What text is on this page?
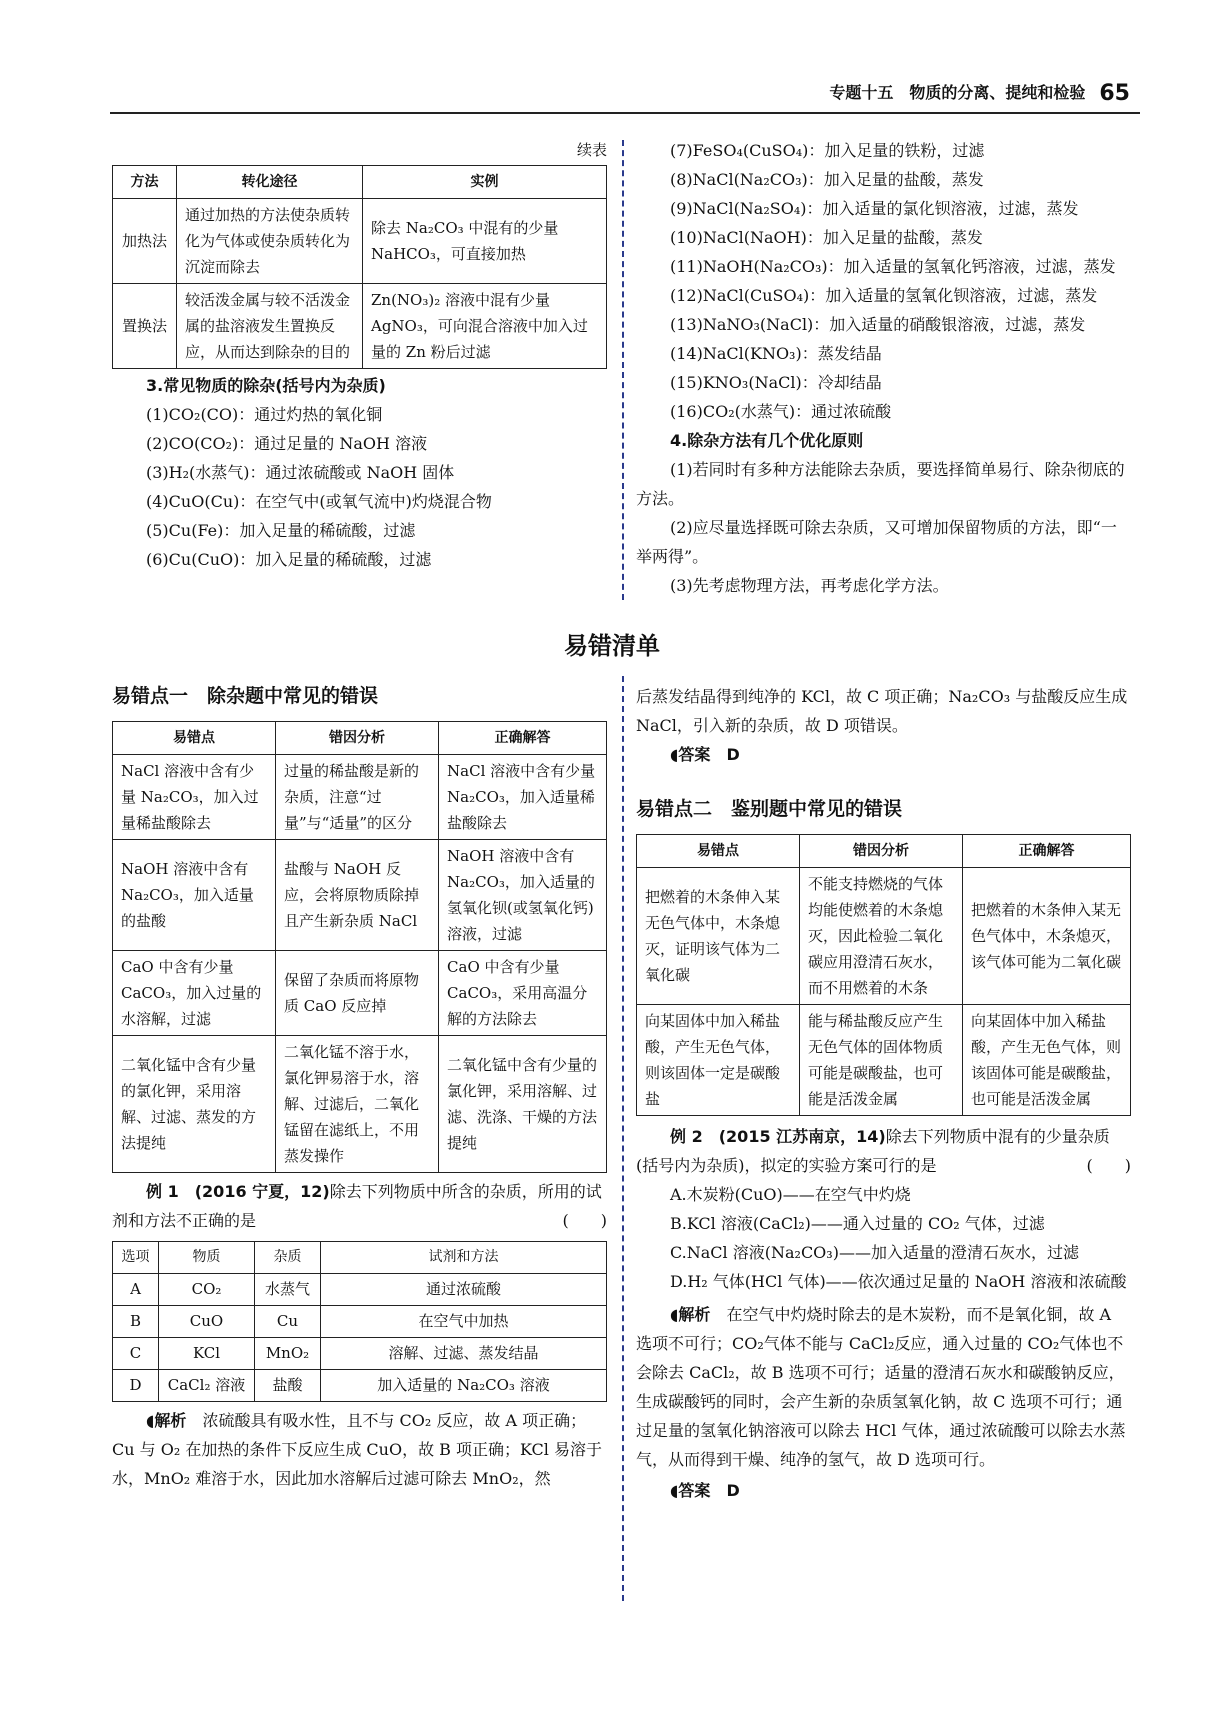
专题十五　物质的分离、提纯和检验 65
续表
方法	转化途径	实例
加热法	通过加热的方法使杂质转化为气体或使杂质转化为沉淀而除去	除去 Na₂CO₃ 中混有的少量 NaHCO₃，可直接加热
置换法	较活泼金属与较不活泼金属的盐溶液发生置换反应，从而达到除杂的目的	Zn(NO₃)₂ 溶液中混有少量 AgNO₃，可向混合溶液中加入过量的 Zn 粉后过滤
3.常见物质的除杂(括号内为杂质)
(1)CO₂(CO)：通过灼热的氧化铜
(2)CO(CO₂)：通过足量的 NaOH 溶液
(3)H₂(水蒸气)：通过浓硫酸或 NaOH 固体
(4)CuO(Cu)：在空气中(或氧气流中)灼烧混合物
(5)Cu(Fe)：加入足量的稀硫酸，过滤
(6)Cu(CuO)：加入足量的稀硫酸，过滤
(7)FeSO₄(CuSO₄)：加入足量的铁粉，过滤
(8)NaCl(Na₂CO₃)：加入足量的盐酸，蒸发
(9)NaCl(Na₂SO₄)：加入适量的氯化钡溶液，过滤，蒸发
(10)NaCl(NaOH)：加入足量的盐酸，蒸发
(11)NaOH(Na₂CO₃)：加入适量的氢氧化钙溶液，过滤，蒸发
(12)NaCl(CuSO₄)：加入适量的氢氧化钡溶液，过滤，蒸发
(13)NaNO₃(NaCl)：加入适量的硝酸银溶液，过滤，蒸发
(14)NaCl(KNO₃)：蒸发结晶
(15)KNO₃(NaCl)：冷却结晶
(16)CO₂(水蒸气)：通过浓硫酸
4.除杂方法有几个优化原则
(1)若同时有多种方法能除去杂质，要选择简单易行、除杂彻底的方法。
(2)应尽量选择既可除去杂质，又可增加保留物质的方法，即“一举两得”。
(3)先考虑物理方法，再考虑化学方法。
易错清单
易错点一　除杂题中常见的错误
易错点	错因分析	正确解答
NaCl 溶液中含有少量 Na₂CO₃，加入过量稀盐酸除去	过量的稀盐酸是新的杂质，注意“过量”与“适量”的区分	NaCl 溶液中含有少量 Na₂CO₃，加入适量稀盐酸除去
NaOH 溶液中含有 Na₂CO₃，加入适量的盐酸	盐酸与 NaOH 反应，会将原物质除掉且产生新杂质 NaCl	NaOH 溶液中含有 Na₂CO₃，加入适量的氢氧化钡(或氢氧化钙)溶液，过滤
CaO 中含有少量 CaCO₃，加入过量的水溶解，过滤	保留了杂质而将原物质 CaO 反应掉	CaO 中含有少量 CaCO₃，采用高温分解的方法除去
二氧化锰中含有少量的氯化钾，采用溶解、过滤、蒸发的方法提纯	二氧化锰不溶于水，氯化钾易溶于水，溶解、过滤后，二氧化锰留在滤纸上，不用蒸发操作	二氧化锰中含有少量的氯化钾，采用溶解、过滤、洗涤、干燥的方法提纯
例 1　 (2016 宁夏，12)除去下列物质中所含的杂质，所用的试剂和方法不正确的是	(　　)
选项	物质	杂质	试剂和方法
A	CO₂	水蒸气	通过浓硫酸
B	CuO	Cu	在空气中加热
C	KCl	MnO₂	溶解、过滤、蒸发结晶
D	CaCl₂ 溶液	盐酸	加入适量的 Na₂CO₃ 溶液
◖解析　 浓硫酸具有吸水性，且不与 CO₂ 反应，故 A 项正确；Cu 与 O₂ 在加热的条件下反应生成 CuO，故 B 项正确；KCl 易溶于水，MnO₂ 难溶于水，因此加水溶解后过滤可除去 MnO₂，然
后蒸发结晶得到纯净的 KCl，故 C 项正确；Na₂CO₃ 与盐酸反应生成 NaCl，引入新的杂质，故 D 项错误。
◖答案　 D
易错点二　鉴别题中常见的错误
易错点	错因分析	正确解答
把燃着的木条伸入某无色气体中，木条熄灭，证明该气体为二氧化碳	不能支持燃烧的气体均能使燃着的木条熄灭，因此检验二氧化碳应用澄清石灰水，而不用燃着的木条	把燃着的木条伸入某无色气体中，木条熄灭，该气体可能为二氧化碳
向某固体中加入稀盐酸，产生无色气体，则该固体一定是碳酸盐	能与稀盐酸反应产生无色气体的固体物质可能是碳酸盐，也可能是活泼金属	向某固体中加入稀盐酸，产生无色气体，则该固体可能是碳酸盐，也可能是活泼金属
例 2　 (2015 江苏南京，14)除去下列物质中混有的少量杂质(括号内为杂质)，拟定的实验方案可行的是	(　　)
A.木炭粉(CuO)——在空气中灼烧
B.KCl 溶液(CaCl₂)——通入过量的 CO₂ 气体，过滤
C.NaCl 溶液(Na₂CO₃)——加入适量的澄清石灰水，过滤
D.H₂ 气体(HCl 气体)——依次通过足量的 NaOH 溶液和浓硫酸
◖解析　 在空气中灼烧时除去的是木炭粉，而不是氧化铜，故 A 选项不可行；CO₂气体不能与 CaCl₂反应，通入过量的 CO₂气体也不会除去 CaCl₂，故 B 选项不可行；适量的澄清石灰水和碳酸钠反应，生成碳酸钙的同时，会产生新的杂质氢氧化钠，故 C 选项不可行；通过足量的氢氧化钠溶液可以除去 HCl 气体，通过浓硫酸可以除去水蒸气，从而得到干燥、纯净的氢气，故 D 选项可行。
◖答案　 D
